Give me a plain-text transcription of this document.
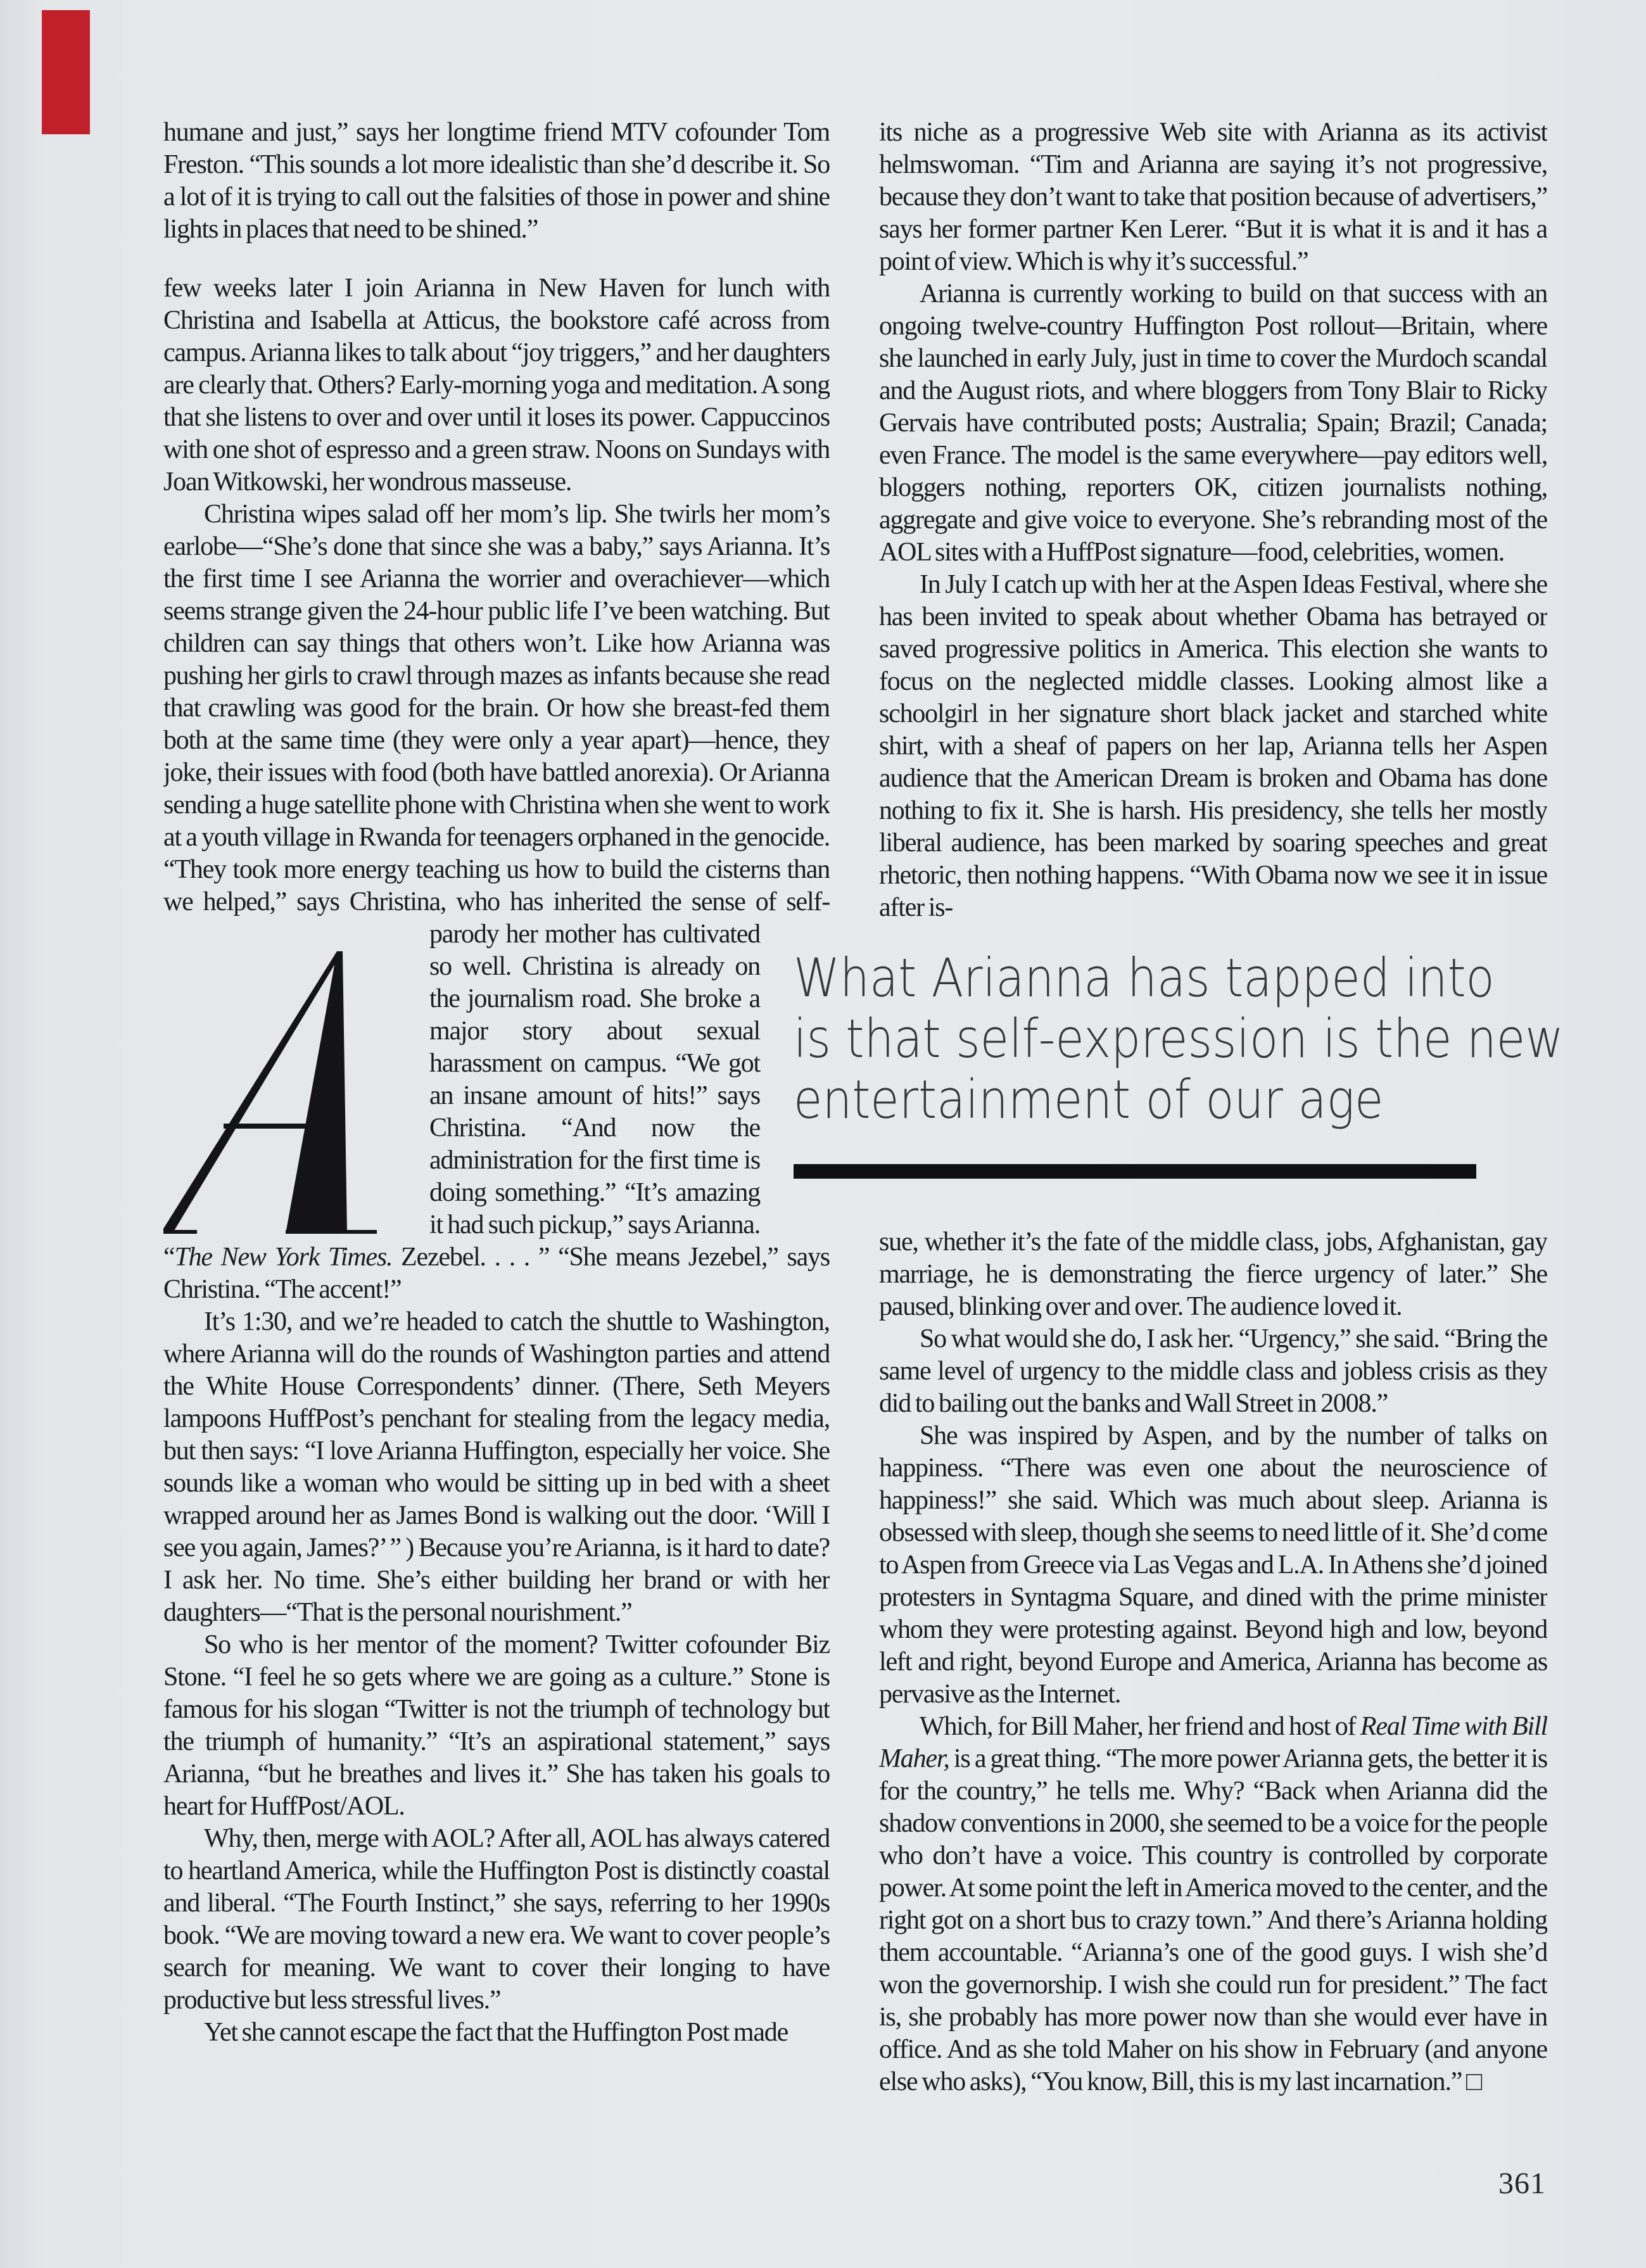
humane and just,” says her longtime friend MTV cofounder Tom Freston. “This sounds a lot more idealistic than she’d describe it. So a lot of it is trying to call out the falsities of those in power and shine lights in places that need to be shined.”

few weeks later I join Arianna in New Haven for lunch with Christina and Isabella at Atticus, the bookstore café across from campus. Arianna likes to talk about “joy triggers,” and her daughters are clearly that. Others? Early-morning yoga and meditation. A song that she listens to over and over until it loses its power. Cappuccinos with one shot of espresso and a green straw. Noons on Sundays with Joan Witkowski, her wondrous masseuse.

Christina wipes salad off her mom’s lip. She twirls her mom’s earlobe—“She’s done that since she was a baby,” says Arianna. It’s the first time I see Arianna the worrier and overachiever—which seems strange given the 24-hour public life I’ve been watching. But children can say things that others won’t. Like how Arianna was pushing her girls to crawl through mazes as infants because she read that crawling was good for the brain. Or how she breast-fed them both at the same time (they were only a year apart)—hence, they joke, their issues with food (both have battled anorexia). Or Arianna sending a huge satellite phone with Christina when she went to work at a youth village in Rwanda for teenagers orphaned in the genocide. “They took more energy teaching us how to build the cisterns than we helped,” says Christina, who has inherited the sense of self-parody her mother has cultivated so well. Christina is already on the journalism road. She broke a major story about sexual harassment on campus. “We got an insane amount of hits!” says Christina. “And now the administration for the first time is doing something.” “It’s amazing it had such pickup,” says Arianna. “The New York Times. Zezebel. . . . ” “She means Jezebel,” says Christina. “The accent!”

It’s 1:30, and we’re headed to catch the shuttle to Washington, where Arianna will do the rounds of Washington parties and attend the White House Correspondents’ dinner. (There, Seth Meyers lampoons HuffPost’s penchant for stealing from the legacy media, but then says: “I love Arianna Huffington, especially her voice. She sounds like a woman who would be sitting up in bed with a sheet wrapped around her as James Bond is walking out the door. ‘Will I see you again, James?’ ” ) Because you’re Arianna, is it hard to date? I ask her. No time. She’s either building her brand or with her daughters—“That is the personal nourishment.”

So who is her mentor of the moment? Twitter cofounder Biz Stone. “I feel he so gets where we are going as a culture.” Stone is famous for his slogan “Twitter is not the triumph of technology but the triumph of humanity.” “It’s an aspirational statement,” says Arianna, “but he breathes and lives it.” She has taken his goals to heart for HuffPost/AOL.

Why, then, merge with AOL? After all, AOL has always catered to heartland America, while the Huffington Post is distinctly coastal and liberal. “The Fourth Instinct,” she says, referring to her 1990s book. “We are moving toward a new era. We want to cover people’s search for meaning. We want to cover their longing to have productive but less stressful lives.”

Yet she cannot escape the fact that the Huffington Post made

its niche as a progressive Web site with Arianna as its activist helmswoman. “Tim and Arianna are saying it’s not progressive, because they don’t want to take that position because of advertisers,” says her former partner Ken Lerer. “But it is what it is and it has a point of view. Which is why it’s successful.”

Arianna is currently working to build on that success with an ongoing twelve-country Huffington Post rollout—Britain, where she launched in early July, just in time to cover the Murdoch scandal and the August riots, and where bloggers from Tony Blair to Ricky Gervais have contributed posts; Australia; Spain; Brazil; Canada; even France. The model is the same everywhere—pay editors well, bloggers nothing, reporters OK, citizen journalists nothing, aggregate and give voice to everyone. She’s rebranding most of the AOL sites with a HuffPost signature—food, celebrities, women.

In July I catch up with her at the Aspen Ideas Festival, where she has been invited to speak about whether Obama has betrayed or saved progressive politics in America. This election she wants to focus on the neglected middle classes. Looking almost like a schoolgirl in her signature short black jacket and starched white shirt, with a sheaf of papers on her lap, Arianna tells her Aspen audience that the American Dream is broken and Obama has done nothing to fix it. She is harsh. His presidency, she tells her mostly liberal audience, has been marked by soaring speeches and great rhetoric, then nothing happens. “With Obama now we see it in issue after is-

What Arianna has tapped into
is that self-expression is the new
entertainment of our age

sue, whether it’s the fate of the middle class, jobs, Afghanistan, gay marriage, he is demonstrating the fierce urgency of later.” She paused, blinking over and over. The audience loved it.

So what would she do, I ask her. “Urgency,” she said. “Bring the same level of urgency to the middle class and jobless crisis as they did to bailing out the banks and Wall Street in 2008.”

She was inspired by Aspen, and by the number of talks on happiness. “There was even one about the neuroscience of happiness!” she said. Which was much about sleep. Arianna is obsessed with sleep, though she seems to need little of it. She’d come to Aspen from Greece via Las Vegas and L.A. In Athens she’d joined protesters in Syntagma Square, and dined with the prime minister whom they were protesting against. Beyond high and low, beyond left and right, beyond Europe and America, Arianna has become as pervasive as the Internet.

Which, for Bill Maher, her friend and host of Real Time with Bill Maher, is a great thing. “The more power Arianna gets, the better it is for the country,” he tells me. Why? “Back when Arianna did the shadow conventions in 2000, she seemed to be a voice for the people who don’t have a voice. This country is controlled by corporate power. At some point the left in America moved to the center, and the right got on a short bus to crazy town.” And there’s Arianna holding them accountable. “Arianna’s one of the good guys. I wish she’d won the governorship. I wish she could run for president.” The fact is, she probably has more power now than she would ever have in office. And as she told Maher on his show in February (and anyone else who asks), “You know, Bill, this is my last incarnation.” □

361
